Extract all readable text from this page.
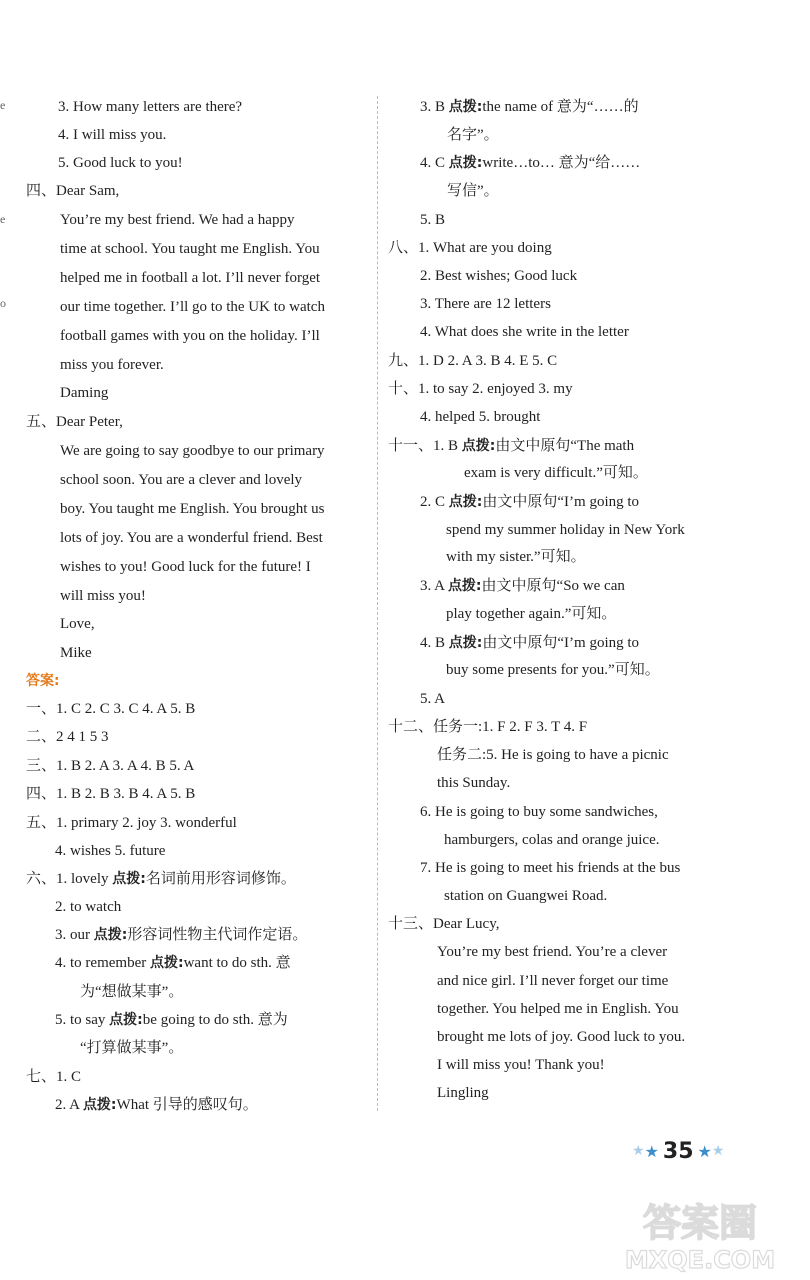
3. How many letters are there?
4. I will miss you.
5. Good luck to you!
四、Dear Sam,
You’re my best friend. We had a happy
time at school. You taught me English. You
helped me in football a lot. I’ll never forget
our time together. I’ll go to the UK to watch
football games with you on the holiday. I’ll
miss you forever.
Daming
五、Dear Peter,
We are going to say goodbye to our primary
school soon. You are a clever and lovely
boy. You taught me English. You brought us
lots of joy. You are a wonderful friend. Best
wishes to you! Good luck for the future! I
will miss you!
Love,
Mike
七、1. C
一、1. C 2. C 3. C 4. A 5. B
二、2 4 1 5 3
三、1. B 2. A 3. A 4. B 5. A
四、1. B 2. B 3. B 4. A 5. B
五、1. primary 2. joy 3. wonderful
4. wishes 5. future
六、1. lovely 点拨:名词前用形容词修饰。
2. to watch
3. our 点拨:形容词性物主代词作定语。
4. to remember 点拨:want to do sth. 意
为“想做某事”。
5. to say 点拨:be going to do sth. 意为
“打算做某事”。
2. A 点拨:What 引导的感叹句。
3. B 点拨:the name of 意为“……的
名字”。
4. C 点拨:write…to… 意为“给……
写信”。
5. B
八、1. What are you doing
2. Best wishes; Good luck
3. There are 12 letters
4. What does she write in the letter
九、1. D 2. A 3. B 4. E 5. C
十、1. to say 2. enjoyed 3. my
4. helped 5. brought
十一、1. B 点拨:由文中原句“The math
exam is very difficult.”可知。
2. C 点拨:由文中原句“I’m going to
spend my summer holiday in New York
with my sister.”可知。
3. A 点拨:由文中原句“So we can
play together again.”可知。
4. B 点拨:由文中原句“I’m going to
buy some presents for you.”可知。
5. A
十二、任务一:1. F 2. F 3. T 4. F
任务二:5. He is going to have a picnic
this Sunday.
6. He is going to buy some sandwiches,
hamburgers, colas and orange juice.
7. He is going to meet his friends at the bus
station on Guangwei Road.
十三、Dear Lucy,
You’re my best friend. You’re a clever
and nice girl. I’ll never forget our time
together. You helped me in English. You
brought me lots of joy. Good luck to you.
I will miss you! Thank you!
Lingling
e
e
o
答案:
★ ★ 35 ★ ★
答案圈
MXQE.COM
